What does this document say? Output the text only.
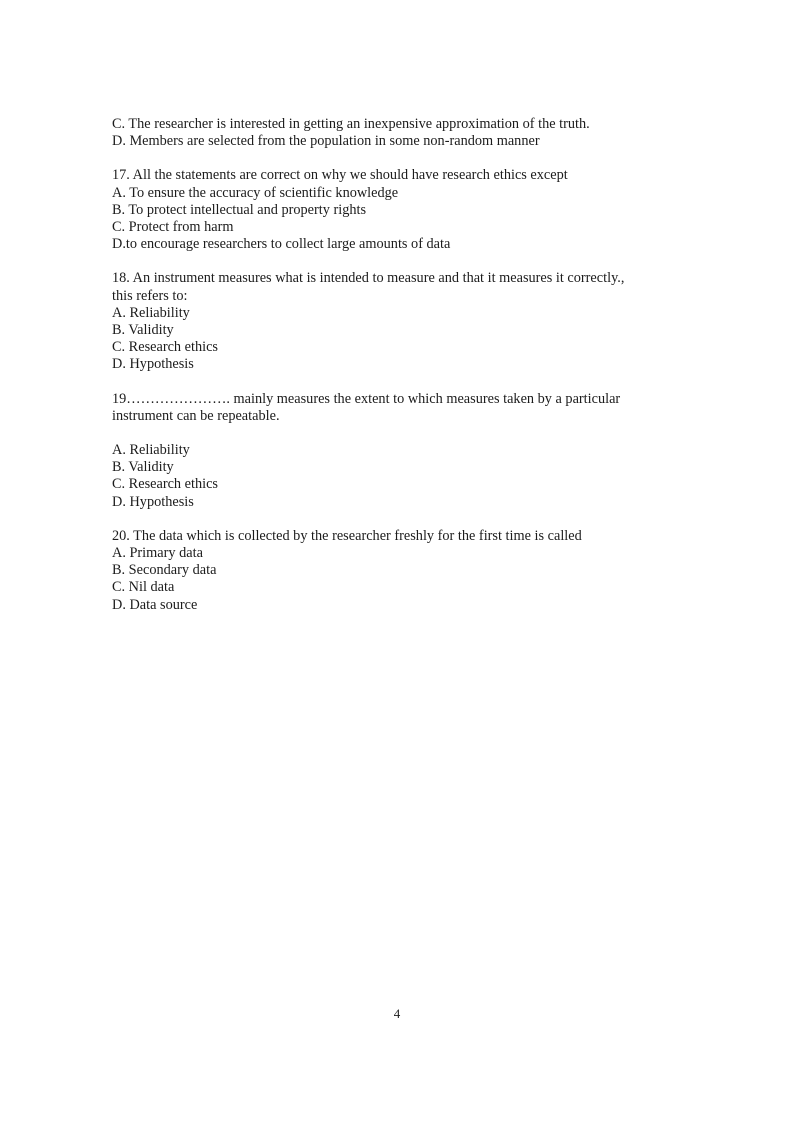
C. The researcher is interested in getting an inexpensive approximation of the truth.
D. Members are selected from the population in some non-random manner
17. All the statements are correct on why we should have research ethics except
A. To ensure the accuracy of scientific knowledge
B. To protect intellectual and property rights
C. Protect from harm
D.to encourage researchers to collect large amounts of data
18. An instrument measures what is intended to measure and that it measures it correctly.,
this refers to:
A. Reliability
B. Validity
C. Research ethics
D. Hypothesis
19…………………. mainly measures the extent to which measures taken by a particular
instrument can be repeatable.
A. Reliability
B. Validity
C. Research ethics
D. Hypothesis
20. The data which is collected by the researcher freshly for the first time is called
A. Primary data
B. Secondary data
C. Nil data
D. Data source
4
